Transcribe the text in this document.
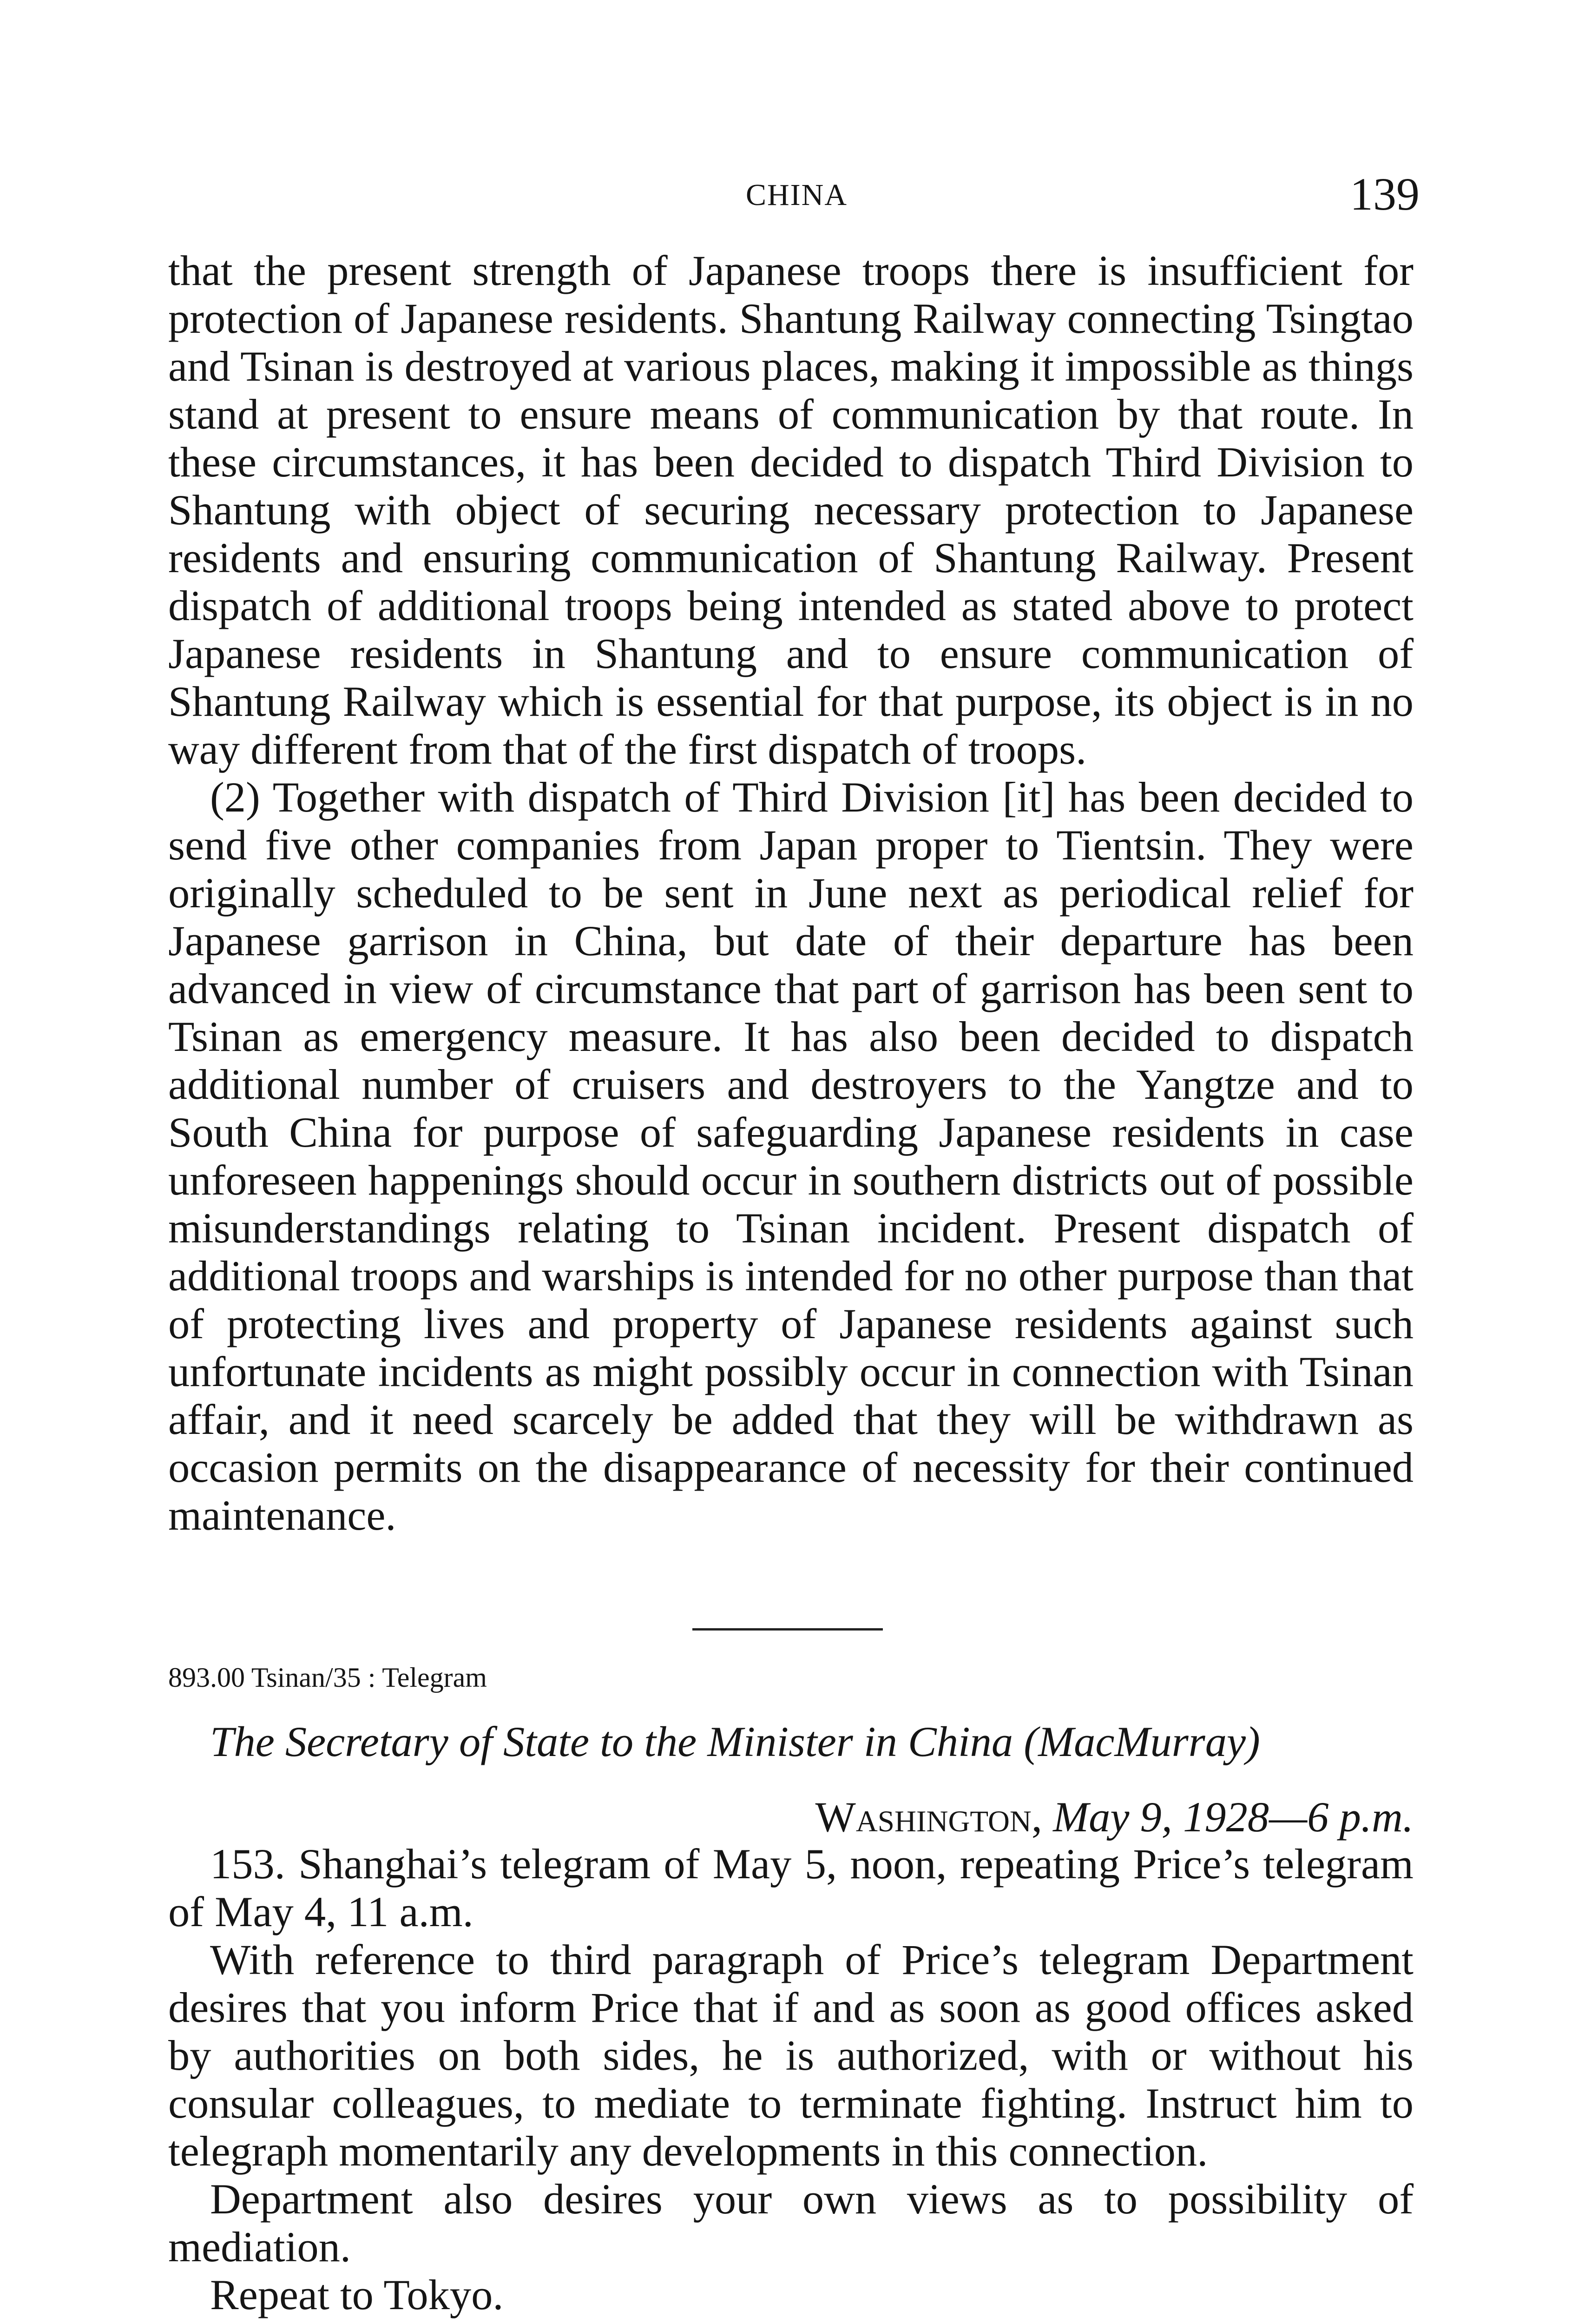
CHINA	139

that the present strength of Japanese troops there is insufficient for protection of Japanese residents. Shantung Railway connecting Tsingtao and Tsinan is destroyed at various places, making it impossible as things stand at present to ensure means of communication by that route. In these circumstances, it has been decided to dispatch Third Division to Shantung with object of securing necessary protection to Japanese residents and ensuring communication of Shantung Railway. Present dispatch of additional troops being intended as stated above to protect Japanese residents in Shantung and to ensure communication of Shantung Railway which is essential for that purpose, its object is in no way different from that of the first dispatch of troops.

(2) Together with dispatch of Third Division [it] has been decided to send five other companies from Japan proper to Tientsin. They were originally scheduled to be sent in June next as periodical relief for Japanese garrison in China, but date of their departure has been advanced in view of circumstance that part of garrison has been sent to Tsinan as emergency measure. It has also been decided to dispatch additional number of cruisers and destroyers to the Yangtze and to South China for purpose of safeguarding Japanese residents in case unforeseen happenings should occur in southern districts out of possible misunderstandings relating to Tsinan incident. Present dispatch of additional troops and warships is intended for no other purpose than that of protecting lives and property of Japanese residents against such unfortunate incidents as might possibly occur in connection with Tsinan affair, and it need scarcely be added that they will be withdrawn as occasion permits on the disappearance of necessity for their continued maintenance.

893.00 Tsinan/35 : Telegram
The Secretary of State to the Minister in China (MacMurray)
Washington, May 9, 1928—6 p.m.

153. Shanghai’s telegram of May 5, noon, repeating Price’s telegram of May 4, 11 a.m.

With reference to third paragraph of Price’s telegram Department desires that you inform Price that if and as soon as good offices asked by authorities on both sides, he is authorized, with or without his consular colleagues, to mediate to terminate fighting. Instruct him to telegraph momentarily any developments in this connection.

Department also desires your own views as to possibility of mediation.

Repeat to Tokyo.
